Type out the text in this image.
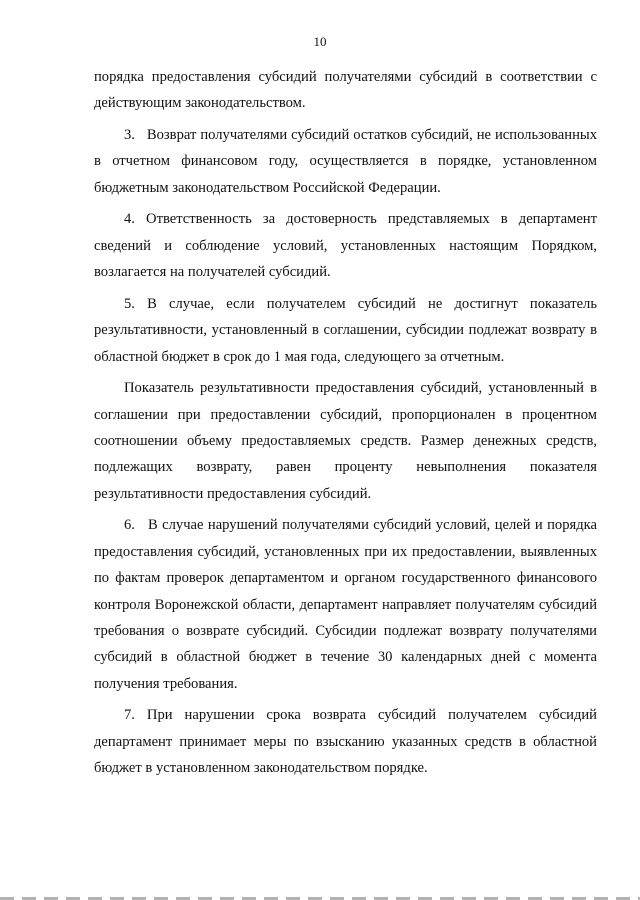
10

порядка предоставления субсидий получателями субсидий в соответствии с действующим законодательством.

3.   Возврат получателями субсидий остатков субсидий, не использованных в отчетном финансовом году, осуществляется в порядке, установленном бюджетным законодательством Российской Федерации.

4. Ответственность за достоверность представляемых в департамент сведений и соблюдение условий, установленных настоящим Порядком, возлагается на получателей субсидий.

5. В случае, если получателем субсидий не достигнут показатель результативности, установленный в соглашении, субсидии подлежат возврату в областной бюджет в срок до 1 мая года, следующего за отчетным.

Показатель результативности предоставления субсидий, установленный в соглашении при предоставлении субсидий, пропорционален в процентном соотношении объему предоставляемых средств. Размер денежных средств, подлежащих возврату, равен проценту невыполнения показателя результативности предоставления субсидий.

6.   В случае нарушений получателями субсидий условий, целей и порядка предоставления субсидий, установленных при их предоставлении, выявленных по фактам проверок департаментом и органом государственного финансового контроля Воронежской области, департамент направляет получателям субсидий требования о возврате субсидий. Субсидии подлежат возврату получателями субсидий в областной бюджет в течение 30 календарных дней с момента получения требования.

7. При нарушении срока возврата субсидий получателем субсидий департамент принимает меры по взысканию указанных средств в областной бюджет в установленном законодательством порядке.
